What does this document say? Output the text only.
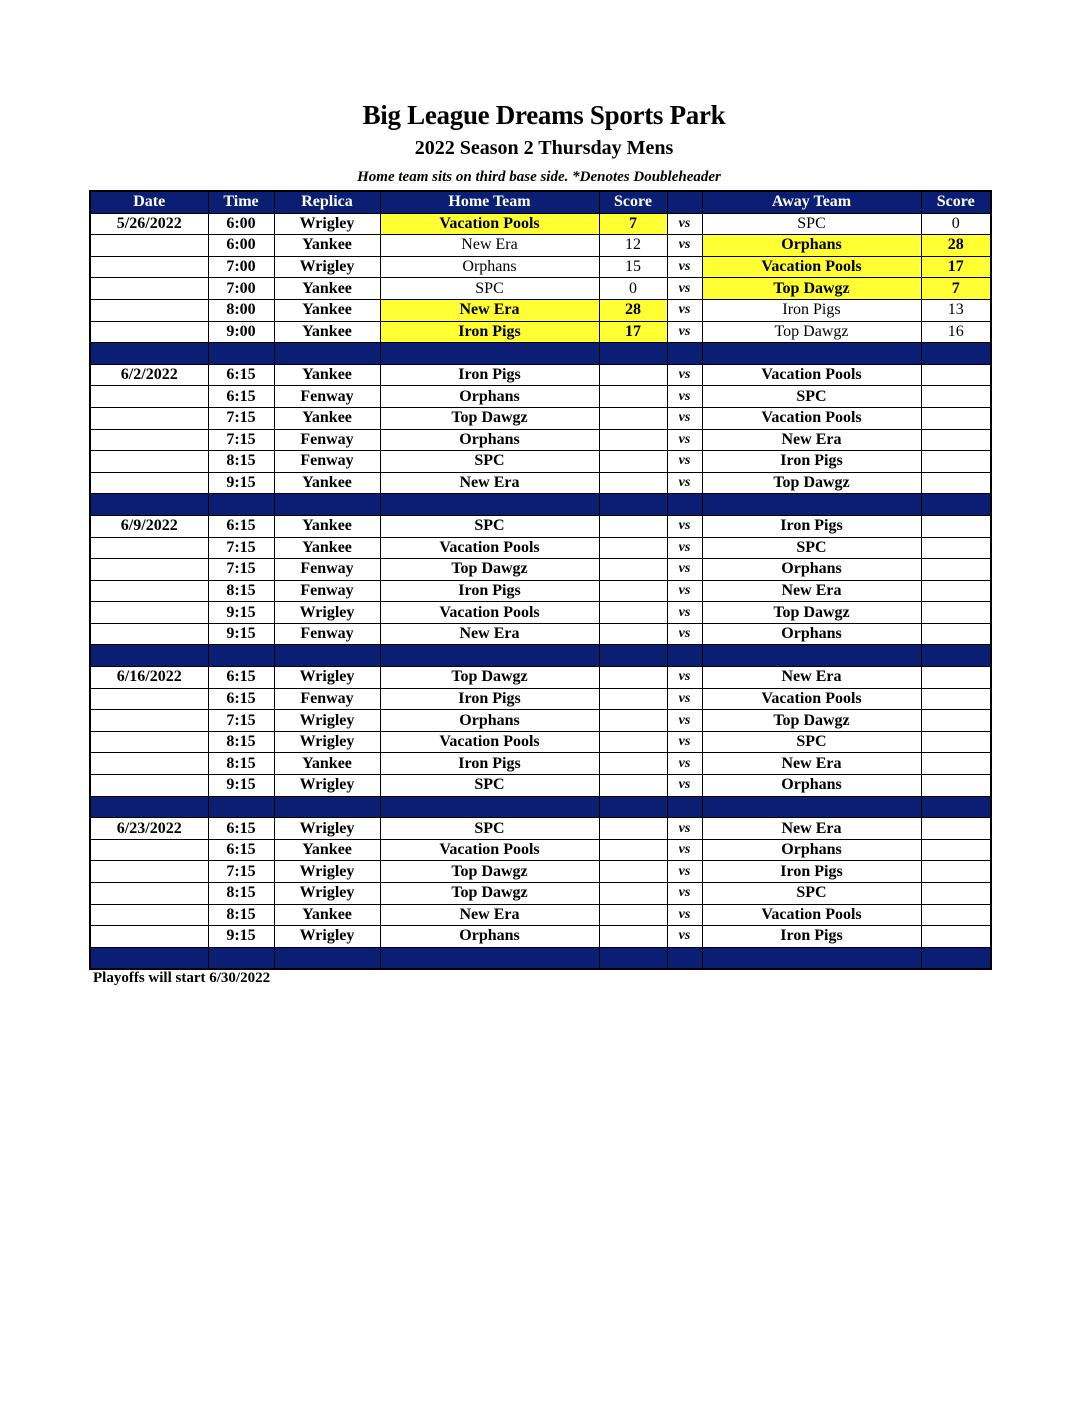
Big League Dreams Sports Park
2022 Season 2 Thursday Mens
Home team sits on third base side. *Denotes Doubleheader
Date	Time	Replica	Home Team	Score		Away Team	Score
5/26/2022	6:00	Wrigley	Vacation Pools	7	vs	SPC	0
	6:00	Yankee	New Era	12	vs	Orphans	28
	7:00	Wrigley	Orphans	15	vs	Vacation Pools	17
	7:00	Yankee	SPC	0	vs	Top Dawgz	7
	8:00	Yankee	New Era	28	vs	Iron Pigs	13
	9:00	Yankee	Iron Pigs	17	vs	Top Dawgz	16

6/2/2022	6:15	Yankee	Iron Pigs		vs	Vacation Pools	
	6:15	Fenway	Orphans		vs	SPC	
	7:15	Yankee	Top Dawgz		vs	Vacation Pools	
	7:15	Fenway	Orphans		vs	New Era	
	8:15	Fenway	SPC		vs	Iron Pigs	
	9:15	Yankee	New Era		vs	Top Dawgz	

6/9/2022	6:15	Yankee	SPC		vs	Iron Pigs	
	7:15	Yankee	Vacation Pools		vs	SPC	
	7:15	Fenway	Top Dawgz		vs	Orphans	
	8:15	Fenway	Iron Pigs		vs	New Era	
	9:15	Wrigley	Vacation Pools		vs	Top Dawgz	
	9:15	Fenway	New Era		vs	Orphans	

6/16/2022	6:15	Wrigley	Top Dawgz		vs	New Era	
	6:15	Fenway	Iron Pigs		vs	Vacation Pools	
	7:15	Wrigley	Orphans		vs	Top Dawgz	
	8:15	Wrigley	Vacation Pools		vs	SPC	
	8:15	Yankee	Iron Pigs		vs	New Era	
	9:15	Wrigley	SPC		vs	Orphans	

6/23/2022	6:15	Wrigley	SPC		vs	New Era	
	6:15	Yankee	Vacation Pools		vs	Orphans	
	7:15	Wrigley	Top Dawgz		vs	Iron Pigs	
	8:15	Wrigley	Top Dawgz		vs	SPC	
	8:15	Yankee	New Era		vs	Vacation Pools	
	9:15	Wrigley	Orphans		vs	Iron Pigs	

Playoffs will start 6/30/2022
